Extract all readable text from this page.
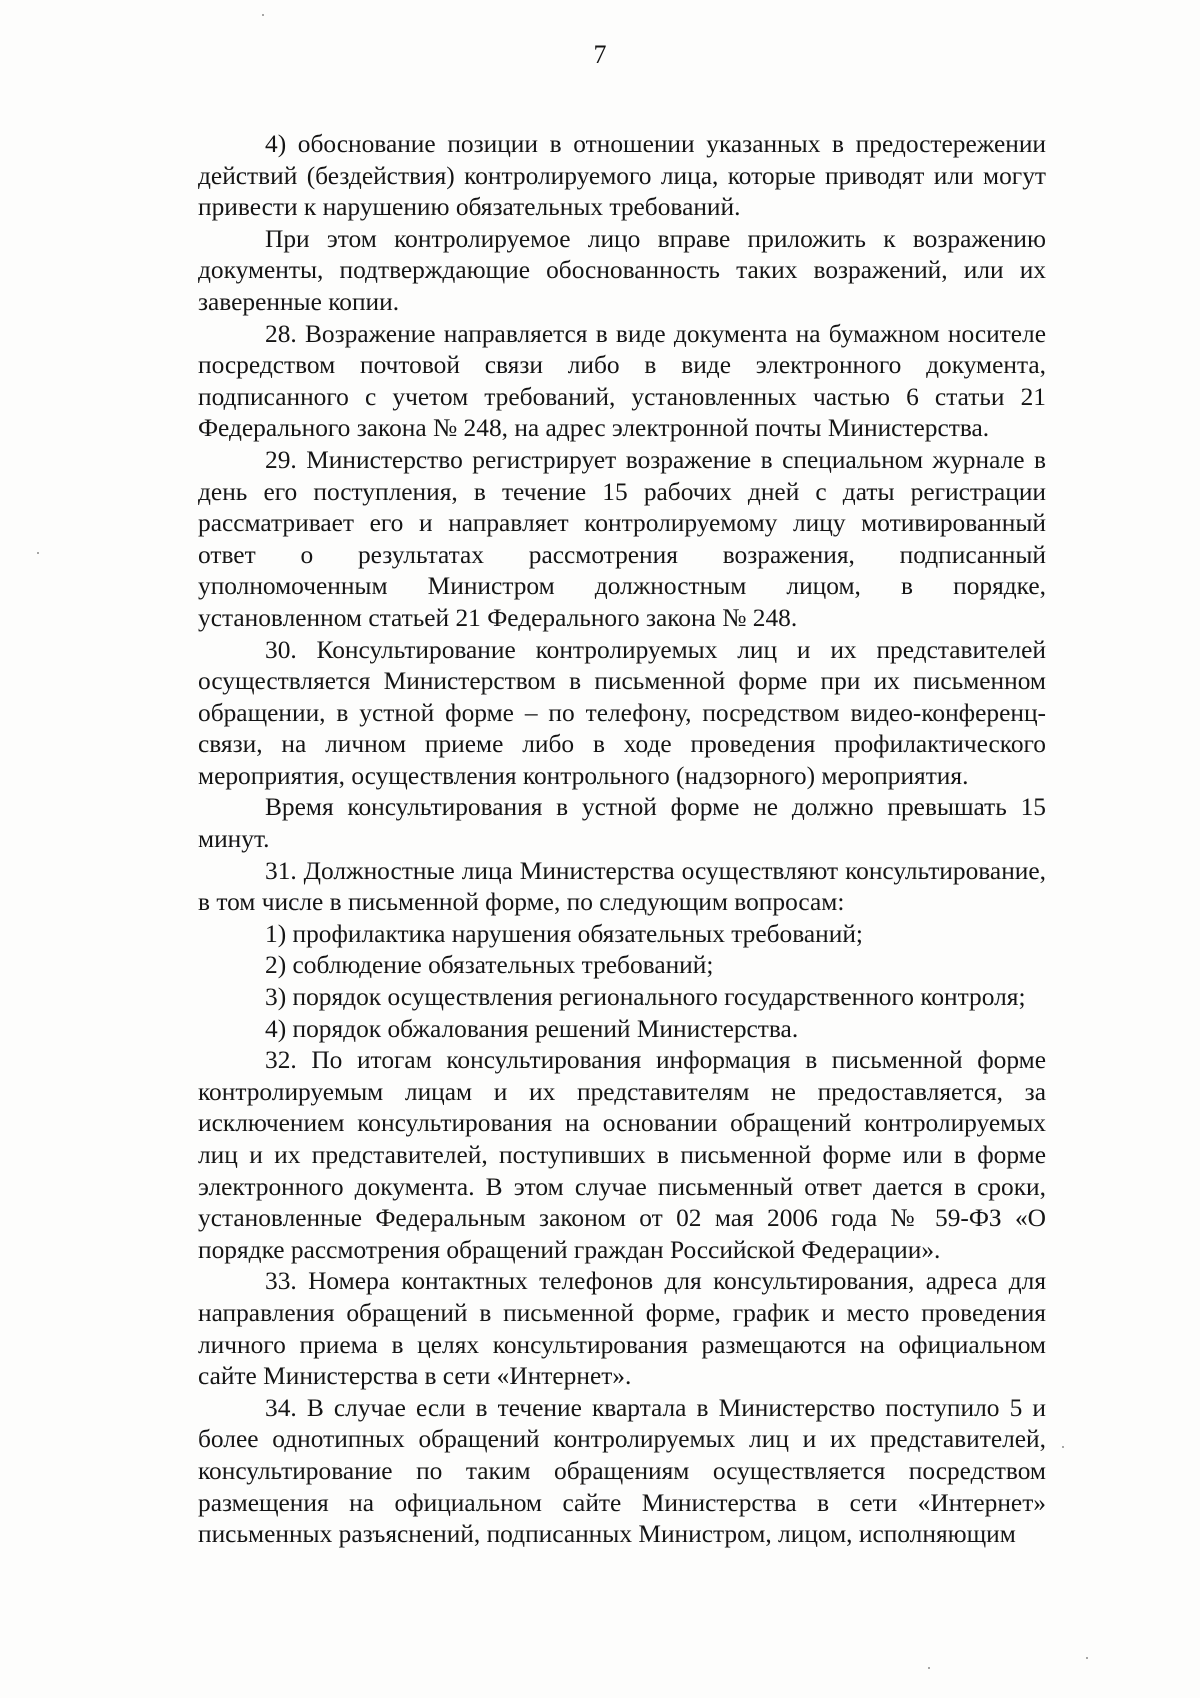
7

4) обоснование позиции в отношении указанных в предостережении действий (бездействия) контролируемого лица, которые приводят или могут привести к нарушению обязательных требований.

При этом контролируемое лицо вправе приложить к возражению документы, подтверждающие обоснованность таких возражений, или их заверенные копии.

28. Возражение направляется в виде документа на бумажном носителе посредством почтовой связи либо в виде электронного документа, подписанного с учетом требований, установленных частью 6 статьи 21 Федерального закона № 248, на адрес электронной почты Министерства.

29. Министерство регистрирует возражение в специальном журнале в день его поступления, в течение 15 рабочих дней с даты регистрации рассматривает его и направляет контролируемому лицу мотивированный ответ о результатах рассмотрения возражения, подписанный уполномоченным Министром должностным лицом, в порядке, установленном статьей 21 Федерального закона № 248.

30. Консультирование контролируемых лиц и их представителей осуществляется Министерством в письменной форме при их письменном обращении, в устной форме – по телефону, посредством видео-конференц-связи, на личном приеме либо в ходе проведения профилактического мероприятия, осуществления контрольного (надзорного) мероприятия.

Время консультирования в устной форме не должно превышать 15 минут.

31. Должностные лица Министерства осуществляют консультирование, в том числе в письменной форме, по следующим вопросам:

1) профилактика нарушения обязательных требований;

2) соблюдение обязательных требований;

3) порядок осуществления регионального государственного контроля;

4) порядок обжалования решений Министерства.

32. По итогам консультирования информация в письменной форме контролируемым лицам и их представителям не предоставляется, за исключением консультирования на основании обращений контролируемых лиц и их представителей, поступивших в письменной форме или в форме электронного документа. В этом случае письменный ответ дается в сроки, установленные Федеральным законом от 02 мая 2006 года № 59-ФЗ «О порядке рассмотрения обращений граждан Российской Федерации».

33. Номера контактных телефонов для консультирования, адреса для направления обращений в письменной форме, график и место проведения личного приема в целях консультирования размещаются на официальном сайте Министерства в сети «Интернет».

34. В случае если в течение квартала в Министерство поступило 5 и более однотипных обращений контролируемых лиц и их представителей, консультирование по таким обращениям осуществляется посредством размещения на официальном сайте Министерства в сети «Интернет» письменных разъяснений, подписанных Министром, лицом, исполняющим
